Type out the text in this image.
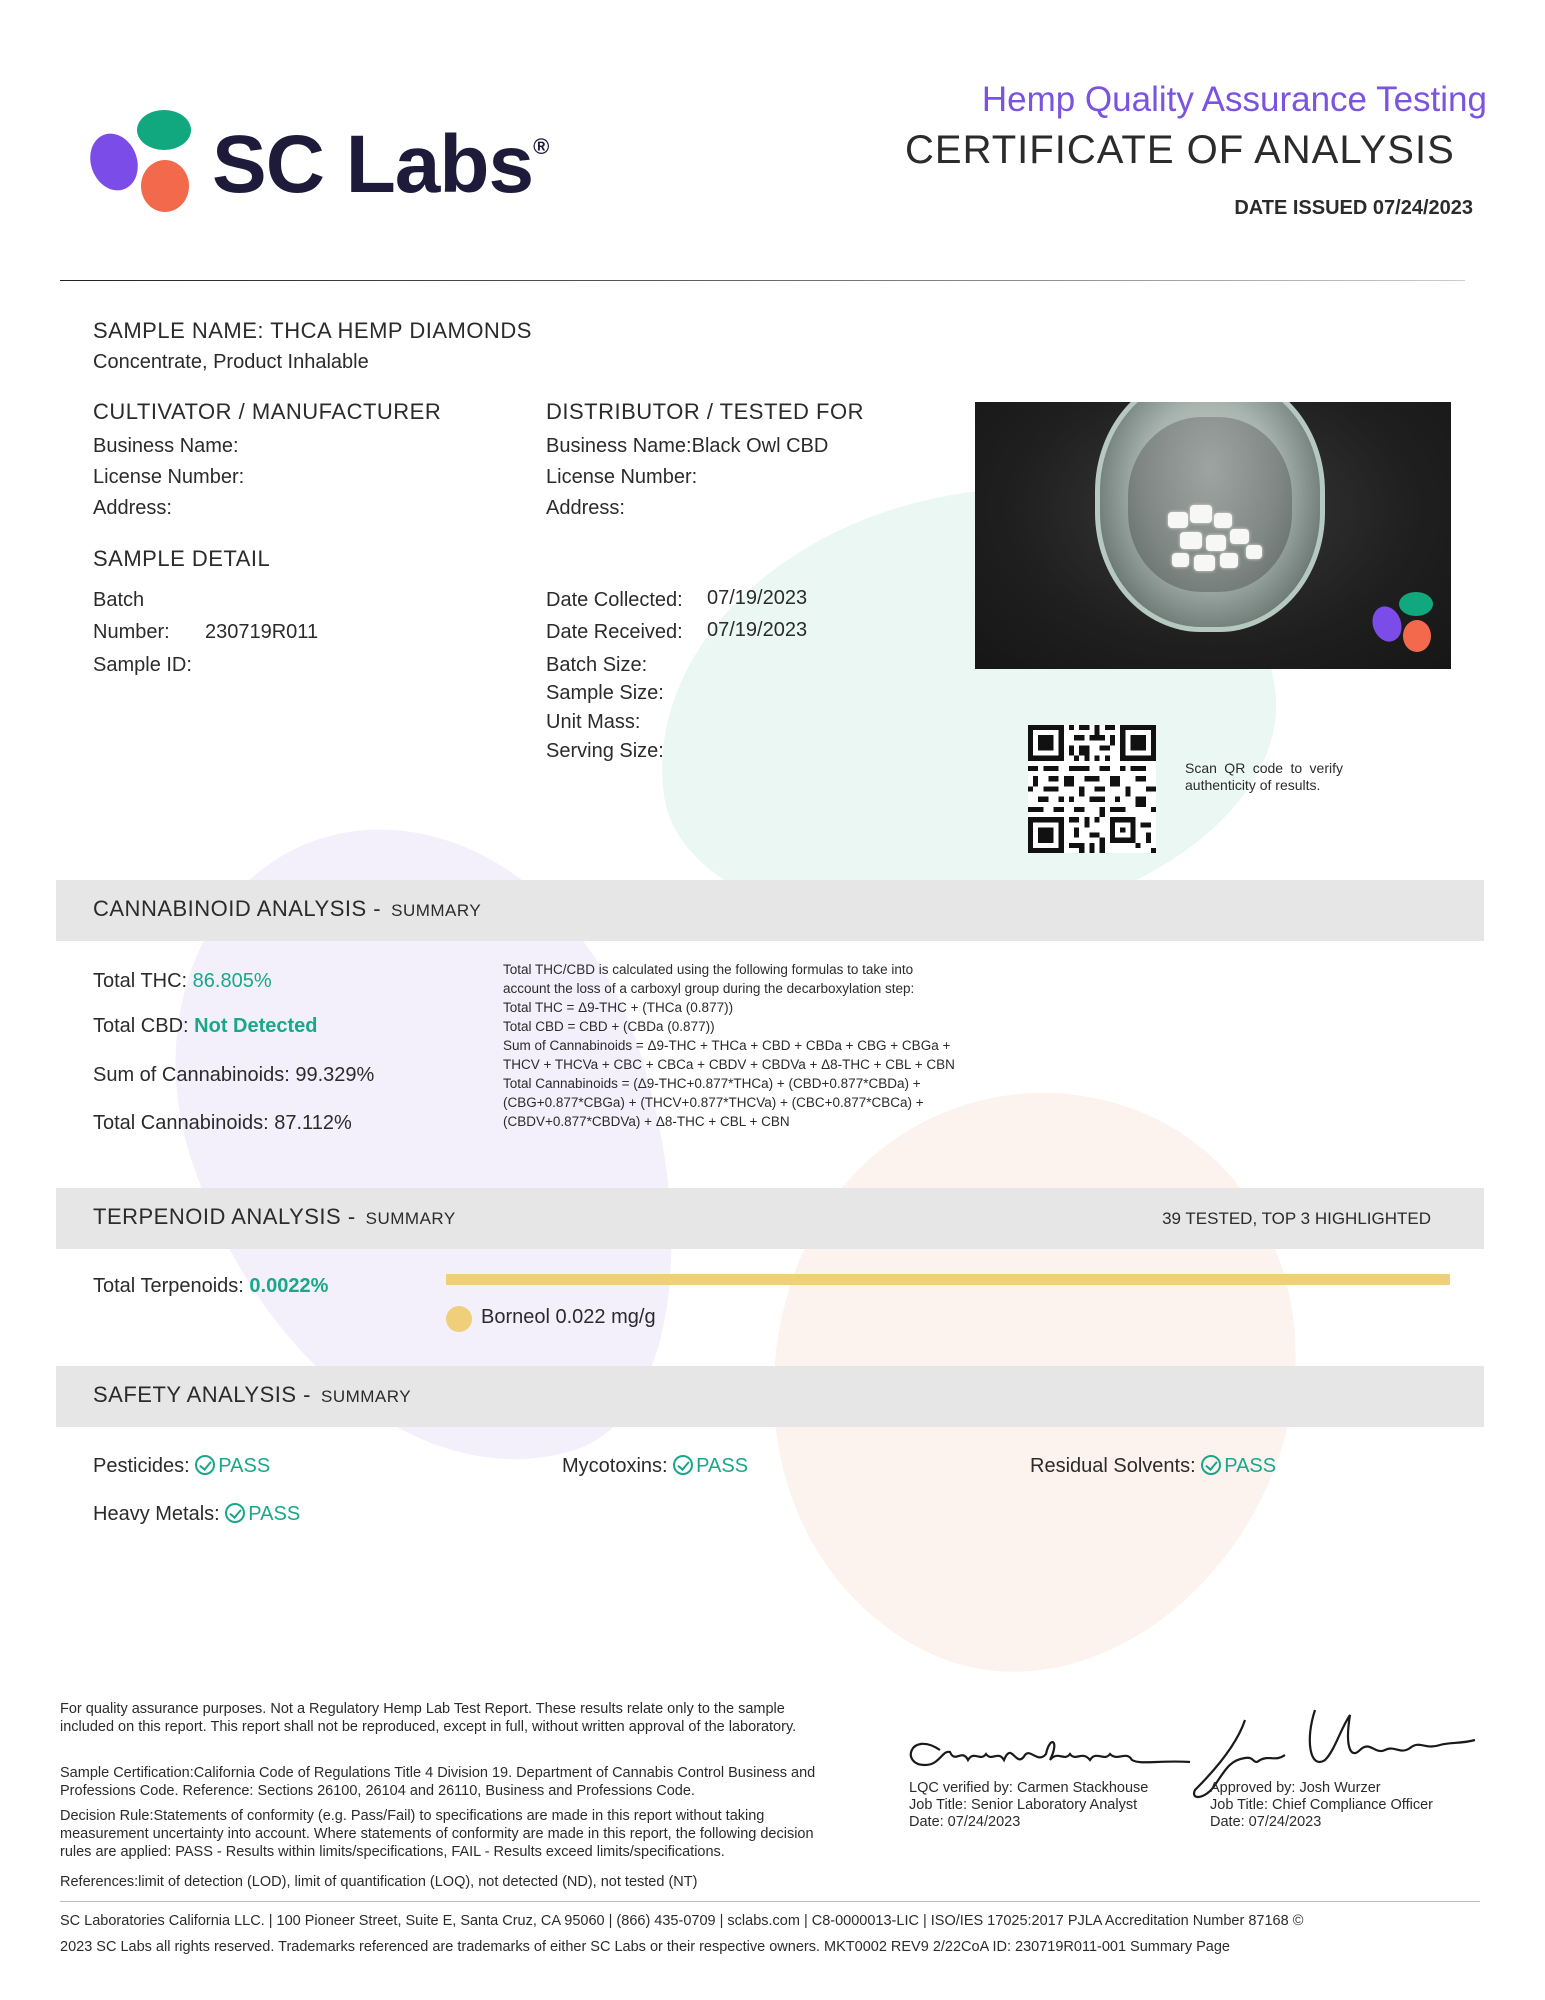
SC Labs®
Hemp Quality Assurance Testing
CERTIFICATE OF ANALYSIS
DATE ISSUED 07/24/2023
SAMPLE NAME: THCA HEMP DIAMONDS
Concentrate, Product Inhalable
CULTIVATOR / MANUFACTURER
Business Name:
License Number:
Address:
DISTRIBUTOR / TESTED FOR
Business Name:Black Owl CBD
License Number:
Address:
SAMPLE DETAIL
Batch
Number: 230719R011
Sample ID:
Date Collected: 07/19/2023
Date Received: 07/19/2023
Batch Size:
Sample Size:
Unit Mass:
Serving Size:
Scan QR code to verify authenticity of results.
CANNABINOID ANALYSIS - SUMMARY
Total THC: 86.805%
Total CBD: Not Detected
Sum of Cannabinoids: 99.329%
Total Cannabinoids: 87.112%
Total THC/CBD is calculated using the following formulas to take into
account the loss of a carboxyl group during the decarboxylation step:
Total THC = Δ9-THC + (THCa (0.877))
Total CBD = CBD + (CBDa (0.877))
Sum of Cannabinoids = Δ9-THC + THCa + CBD + CBDa + CBG + CBGa +
THCV + THCVa + CBC + CBCa + CBDV + CBDVa + Δ8-THC + CBL + CBN
Total Cannabinoids = (Δ9-THC+0.877*THCa) + (CBD+0.877*CBDa) +
(CBG+0.877*CBGa) + (THCV+0.877*THCVa) + (CBC+0.877*CBCa) +
(CBDV+0.877*CBDVa) + Δ8-THC + CBL + CBN
TERPENOID ANALYSIS - SUMMARY	39 TESTED, TOP 3 HIGHLIGHTED
Total Terpenoids: 0.0022%
Borneol 0.022 mg/g
SAFETY ANALYSIS - SUMMARY
Pesticides: PASS	Mycotoxins: PASS	Residual Solvents: PASS
Heavy Metals: PASS
For quality assurance purposes. Not a Regulatory Hemp Lab Test Report. These results relate only to the sample included on this report. This report shall not be reproduced, except in full, without written approval of the laboratory.
Sample Certification:California Code of Regulations Title 4 Division 19. Department of Cannabis Control Business and Professions Code. Reference: Sections 26100, 26104 and 26110, Business and Professions Code.
Decision Rule:Statements of conformity (e.g. Pass/Fail) to specifications are made in this report without taking measurement uncertainty into account. Where statements of conformity are made in this report, the following decision rules are applied: PASS - Results within limits/specifications, FAIL - Results exceed limits/specifications.
References:limit of detection (LOD), limit of quantification (LOQ), not detected (ND), not tested (NT)
LQC verified by: Carmen Stackhouse
Job Title: Senior Laboratory Analyst
Date: 07/24/2023
Approved by: Josh Wurzer
Job Title: Chief Compliance Officer
Date: 07/24/2023
SC Laboratories California LLC. | 100 Pioneer Street, Suite E, Santa Cruz, CA 95060 | (866) 435-0709 | sclabs.com | C8-0000013-LIC | ISO/IES 17025:2017 PJLA Accreditation Number 87168 ©
2023 SC Labs all rights reserved. Trademarks referenced are trademarks of either SC Labs or their respective owners. MKT0002 REV9 2/22CoA ID: 230719R011-001 Summary Page
